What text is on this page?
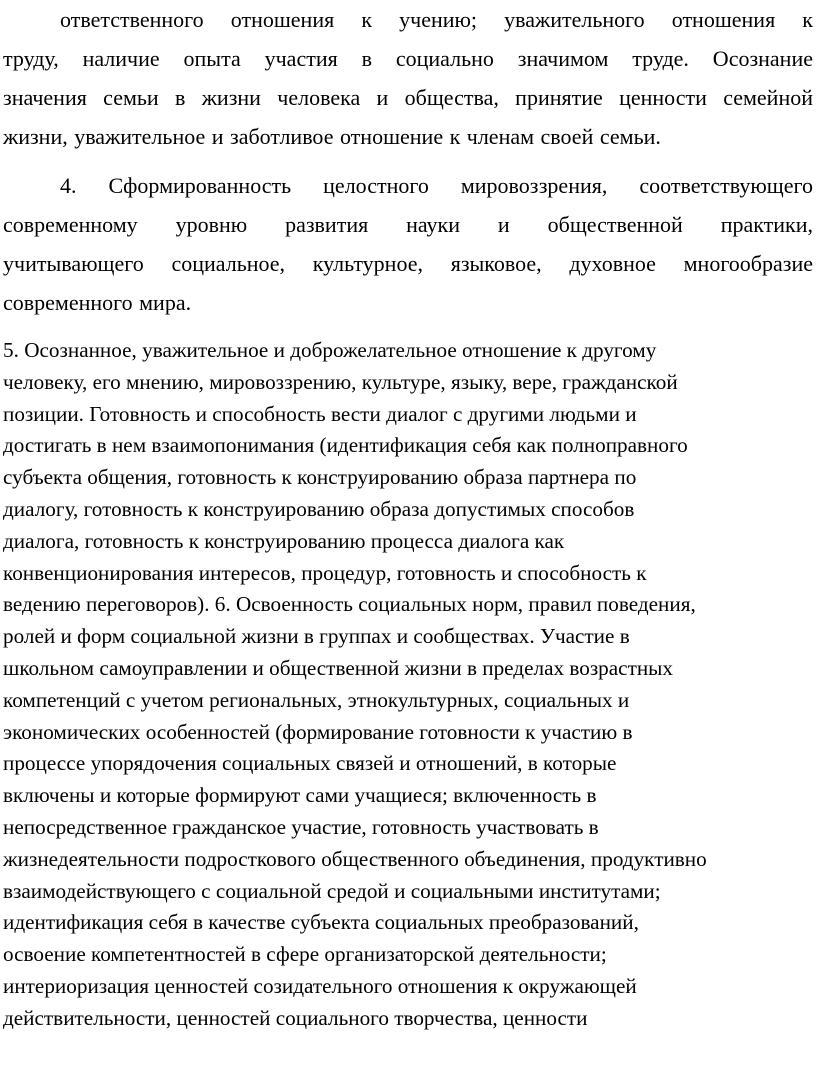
ответственного отношения к учению; уважительного отношения к
труду, наличие опыта участия в социально значимом труде. Осознание
значения семьи в жизни человека и общества, принятие ценности семейной
жизни, уважительное и заботливое отношение к членам своей семьи.
4. Сформированность целостного мировоззрения, соответствующего
современному уровню развития науки и общественной практики,
учитывающего социальное, культурное, языковое, духовное многообразие
современного мира.
5. Осознанное, уважительное и доброжелательное отношение к другому
человеку, его мнению, мировоззрению, культуре, языку, вере, гражданской
позиции. Готовность и способность вести диалог с другими людьми и
достигать в нем взаимопонимания (идентификация себя как полноправного
субъекта общения, готовность к конструированию образа партнера по
диалогу, готовность к конструированию образа допустимых способов
диалога, готовность к конструированию процесса диалога как
конвенционирования интересов, процедур, готовность и способность к
ведению переговоров). 6. Освоенность социальных норм, правил поведения,
ролей и форм социальной жизни в группах и сообществах. Участие в
школьном самоуправлении и общественной жизни в пределах возрастных
компетенций с учетом региональных, этнокультурных, социальных и
экономических особенностей (формирование готовности к участию в
процессе упорядочения социальных связей и отношений, в которые
включены и которые формируют сами учащиеся; включенность в
непосредственное гражданское участие, готовность участвовать в
жизнедеятельности подросткового общественного объединения, продуктивно
взаимодействующего с социальной средой и социальными институтами;
идентификация себя в качестве субъекта социальных преобразований,
освоение компетентностей в сфере организаторской деятельности;
интериоризация ценностей созидательного отношения к окружающей
действительности, ценностей социального творчества, ценности
